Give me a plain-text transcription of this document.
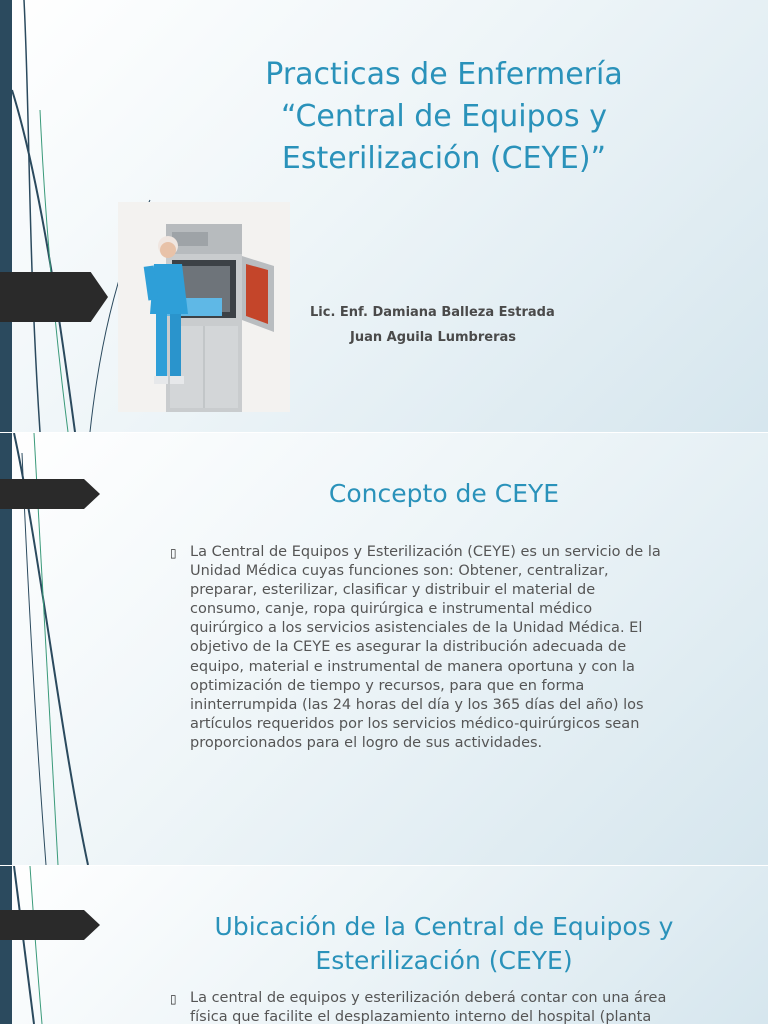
Practicas de Enfermería
“Central de Equipos y
Esterilización (CEYE)”
Lic. Enf. Damiana Balleza Estrada
Juan Aguila Lumbreras
Concepto de CEYE
▯ La Central de Equipos y Esterilización (CEYE) es un servicio de la
Unidad Médica cuyas funciones son: Obtener, centralizar,
preparar, esterilizar, clasificar y distribuir el material de
consumo, canje, ropa quirúrgica e instrumental médico
quirúrgico a los servicios asistenciales de la Unidad Médica. El
objetivo de la CEYE es asegurar la distribución adecuada de
equipo, material e instrumental de manera oportuna y con la
optimización de tiempo y recursos, para que en forma
ininterrumpida (las 24 horas del día y los 365 días del año) los
artículos requeridos por los servicios médico-quirúrgicos sean
proporcionados para el logro de sus actividades.
Ubicación de la Central de Equipos y
Esterilización (CEYE)
▯ La central de equipos y esterilización deberá contar con una área
física que facilite el desplazamiento interno del hospital (planta
